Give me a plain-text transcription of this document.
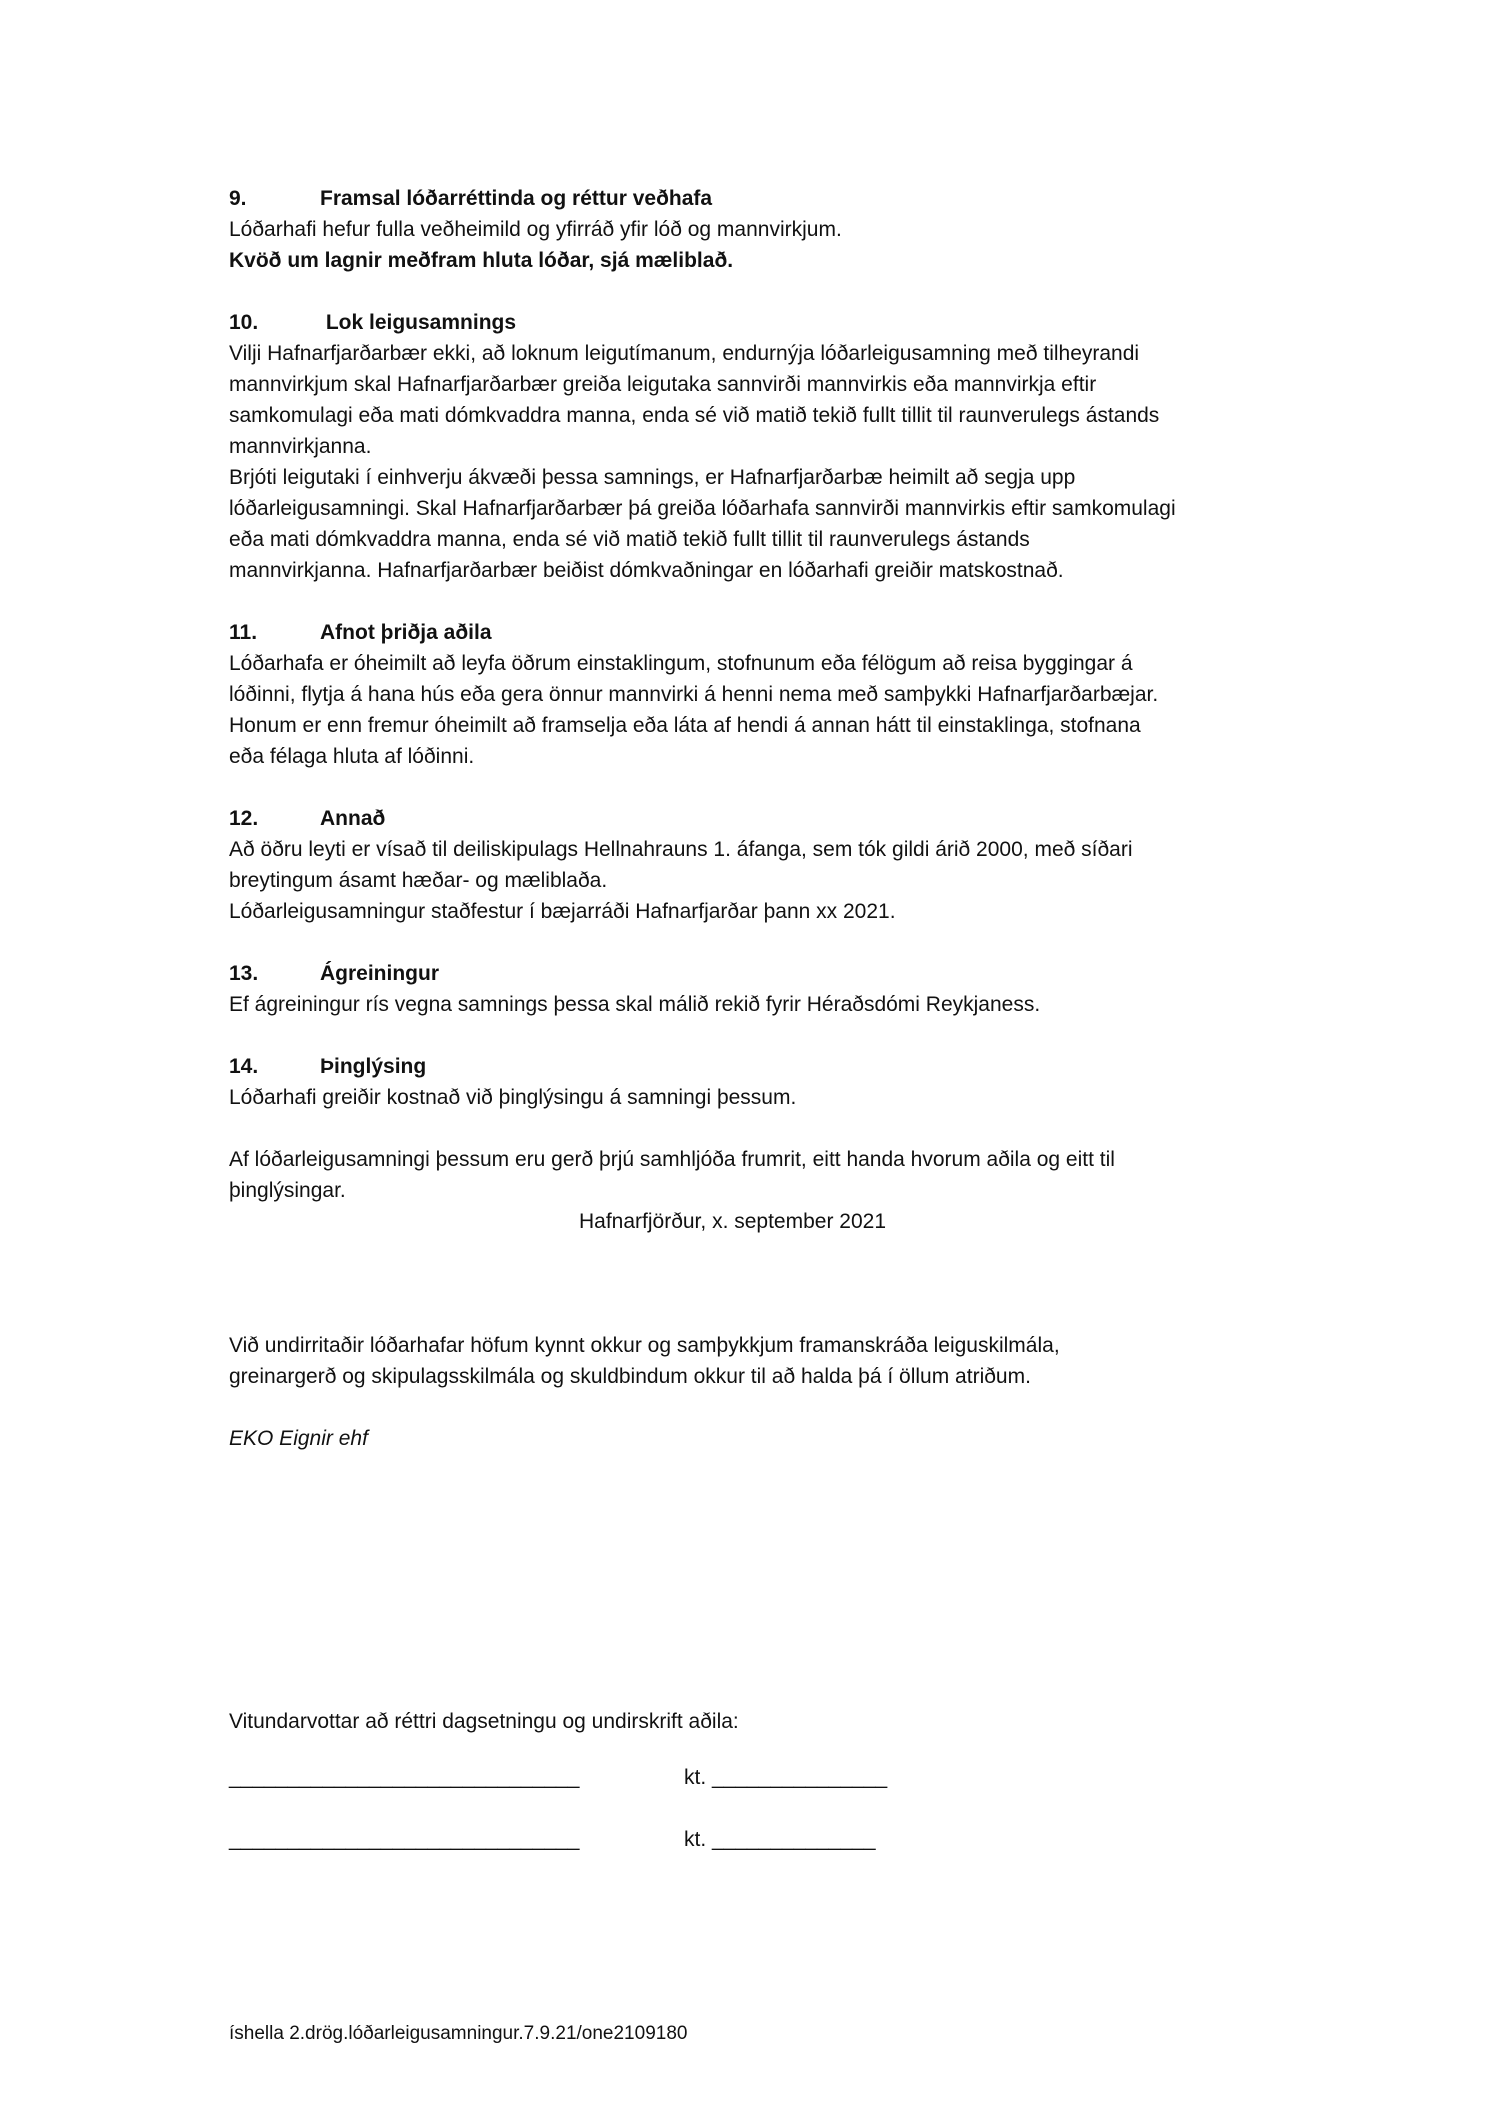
9.	Framsal lóðarréttinda og réttur veðhafa
Lóðarhafi hefur fulla veðheimild og yfirráð yfir lóð og mannvirkjum.
Kvöð um lagnir meðfram hluta lóðar, sjá mæliblað.
10.	Lok leigusamnings
Vilji Hafnarfjarðarbær ekki, að loknum leigutímanum, endurnýja lóðarleigusamning með tilheyrandi
mannvirkjum skal Hafnarfjarðarbær greiða leigutaka sannvirði mannvirkis eða mannvirkja eftir
samkomulagi eða mati dómkvaddra manna, enda sé við matið tekið fullt tillit til raunverulegs ástands
mannvirkjanna.
Brjóti leigutaki í einhverju ákvæði þessa samnings, er Hafnarfjarðarbæ heimilt að segja upp
lóðarleigusamningi. Skal Hafnarfjarðarbær þá greiða lóðarhafa sannvirði mannvirkis eftir samkomulagi
eða mati dómkvaddra manna, enda sé við matið tekið fullt tillit til raunverulegs ástands
mannvirkjanna. Hafnarfjarðarbær beiðist dómkvaðningar en lóðarhafi greiðir matskostnað.
11.	Afnot þriðja aðila
Lóðarhafa er óheimilt að leyfa öðrum einstaklingum, stofnunum eða félögum að reisa byggingar á
lóðinni, flytja á hana hús eða gera önnur mannvirki á henni nema með samþykki Hafnarfjarðarbæjar.
Honum er enn fremur óheimilt að framselja eða láta af hendi á annan hátt til einstaklinga, stofnana
eða félaga hluta af lóðinni.
12.	Annað
Að öðru leyti er vísað til deiliskipulags Hellnahrauns 1. áfanga, sem tók gildi árið 2000, með síðari
breytingum ásamt hæðar- og mæliblaða.
Lóðarleigusamningur staðfestur í bæjarráði Hafnarfjarðar þann xx 2021.
13.	Ágreiningur
Ef ágreiningur rís vegna samnings þessa skal málið rekið fyrir Héraðsdómi Reykjaness.
14.	Þinglýsing
Lóðarhafi greiðir kostnað við þinglýsingu á samningi þessum.
Af lóðarleigusamningi þessum eru gerð þrjú samhljóða frumrit, eitt handa hvorum aðila og eitt til
þinglýsingar.
Hafnarfjörður, x. september 2021
Við undirritaðir lóðarhafar höfum kynnt okkur og samþykkjum framanskráða leiguskilmála,
greinargerð og skipulagsskilmála og skuldbindum okkur til að halda þá í öllum atriðum.
EKO Eignir ehf
Vitundarvottar að réttri dagsetningu og undirskrift aðila:
______________________________	kt. _______________
______________________________	kt. ______________
íshella 2.drög.lóðarleigusamningur.7.9.21/one2109180
